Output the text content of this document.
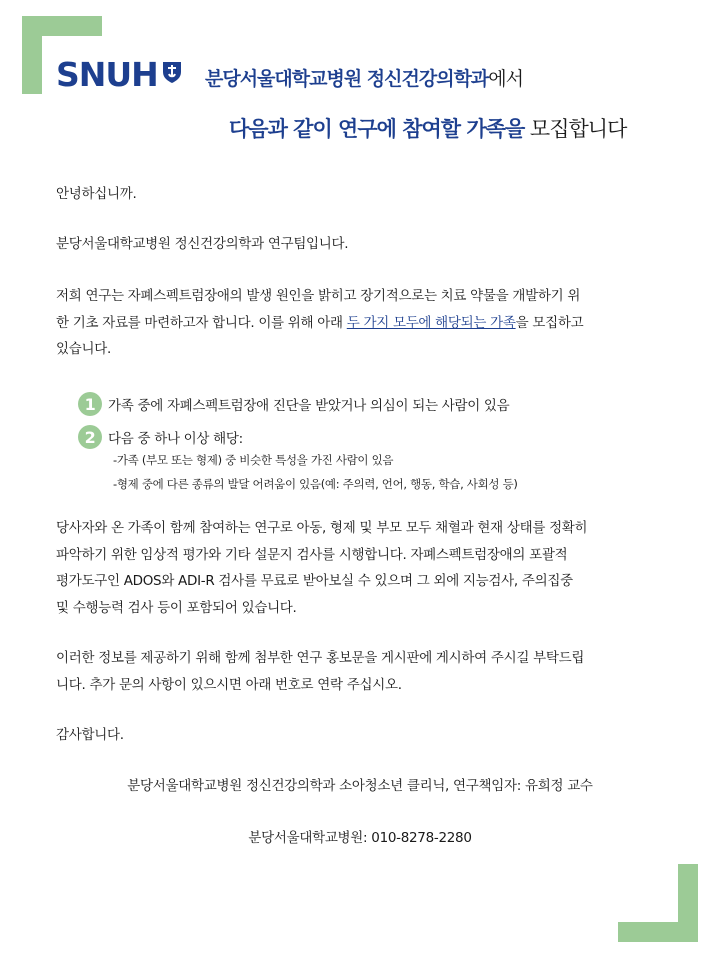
SNUH 분당서울대학교병원 정신건강의학과에서
다음과 같이 연구에 참여할 가족을 모집합니다
안녕하십니까.
분당서울대학교병원 정신건강의학과 연구팀입니다.
저희 연구는 자폐스펙트럼장애의 발생 원인을 밝히고 장기적으로는 치료 약물을 개발하기 위
한 기초 자료를 마련하고자 합니다. 이를 위해 아래 두 가지 모두에 해당되는 가족을 모집하고
있습니다.
1 가족 중에 자폐스펙트럼장애 진단을 받았거나 의심이 되는 사람이 있음
2 다음 중 하나 이상 해당:
-가족 (부모 또는 형제) 중 비슷한 특성을 가진 사람이 있음
-형제 중에 다른 종류의 발달 어려움이 있음(예: 주의력, 언어, 행동, 학습, 사회성 등)
당사자와 온 가족이 함께 참여하는 연구로 아동, 형제 및 부모 모두 채혈과 현재 상태를 정확히
파악하기 위한 임상적 평가와 기타 설문지 검사를 시행합니다. 자폐스펙트럼장애의 포괄적
평가도구인 ADOS와 ADI-R 검사를 무료로 받아보실 수 있으며 그 외에 지능검사, 주의집중
및 수행능력 검사 등이 포함되어 있습니다.
이러한 정보를 제공하기 위해 함께 첨부한 연구 홍보문을 게시판에 게시하여 주시길 부탁드립
니다. 추가 문의 사항이 있으시면 아래 번호로 연락 주십시오.
감사합니다.
분당서울대학교병원 정신건강의학과 소아청소년 클리닉, 연구책임자: 유희정 교수
분당서울대학교병원: 010-8278-2280
